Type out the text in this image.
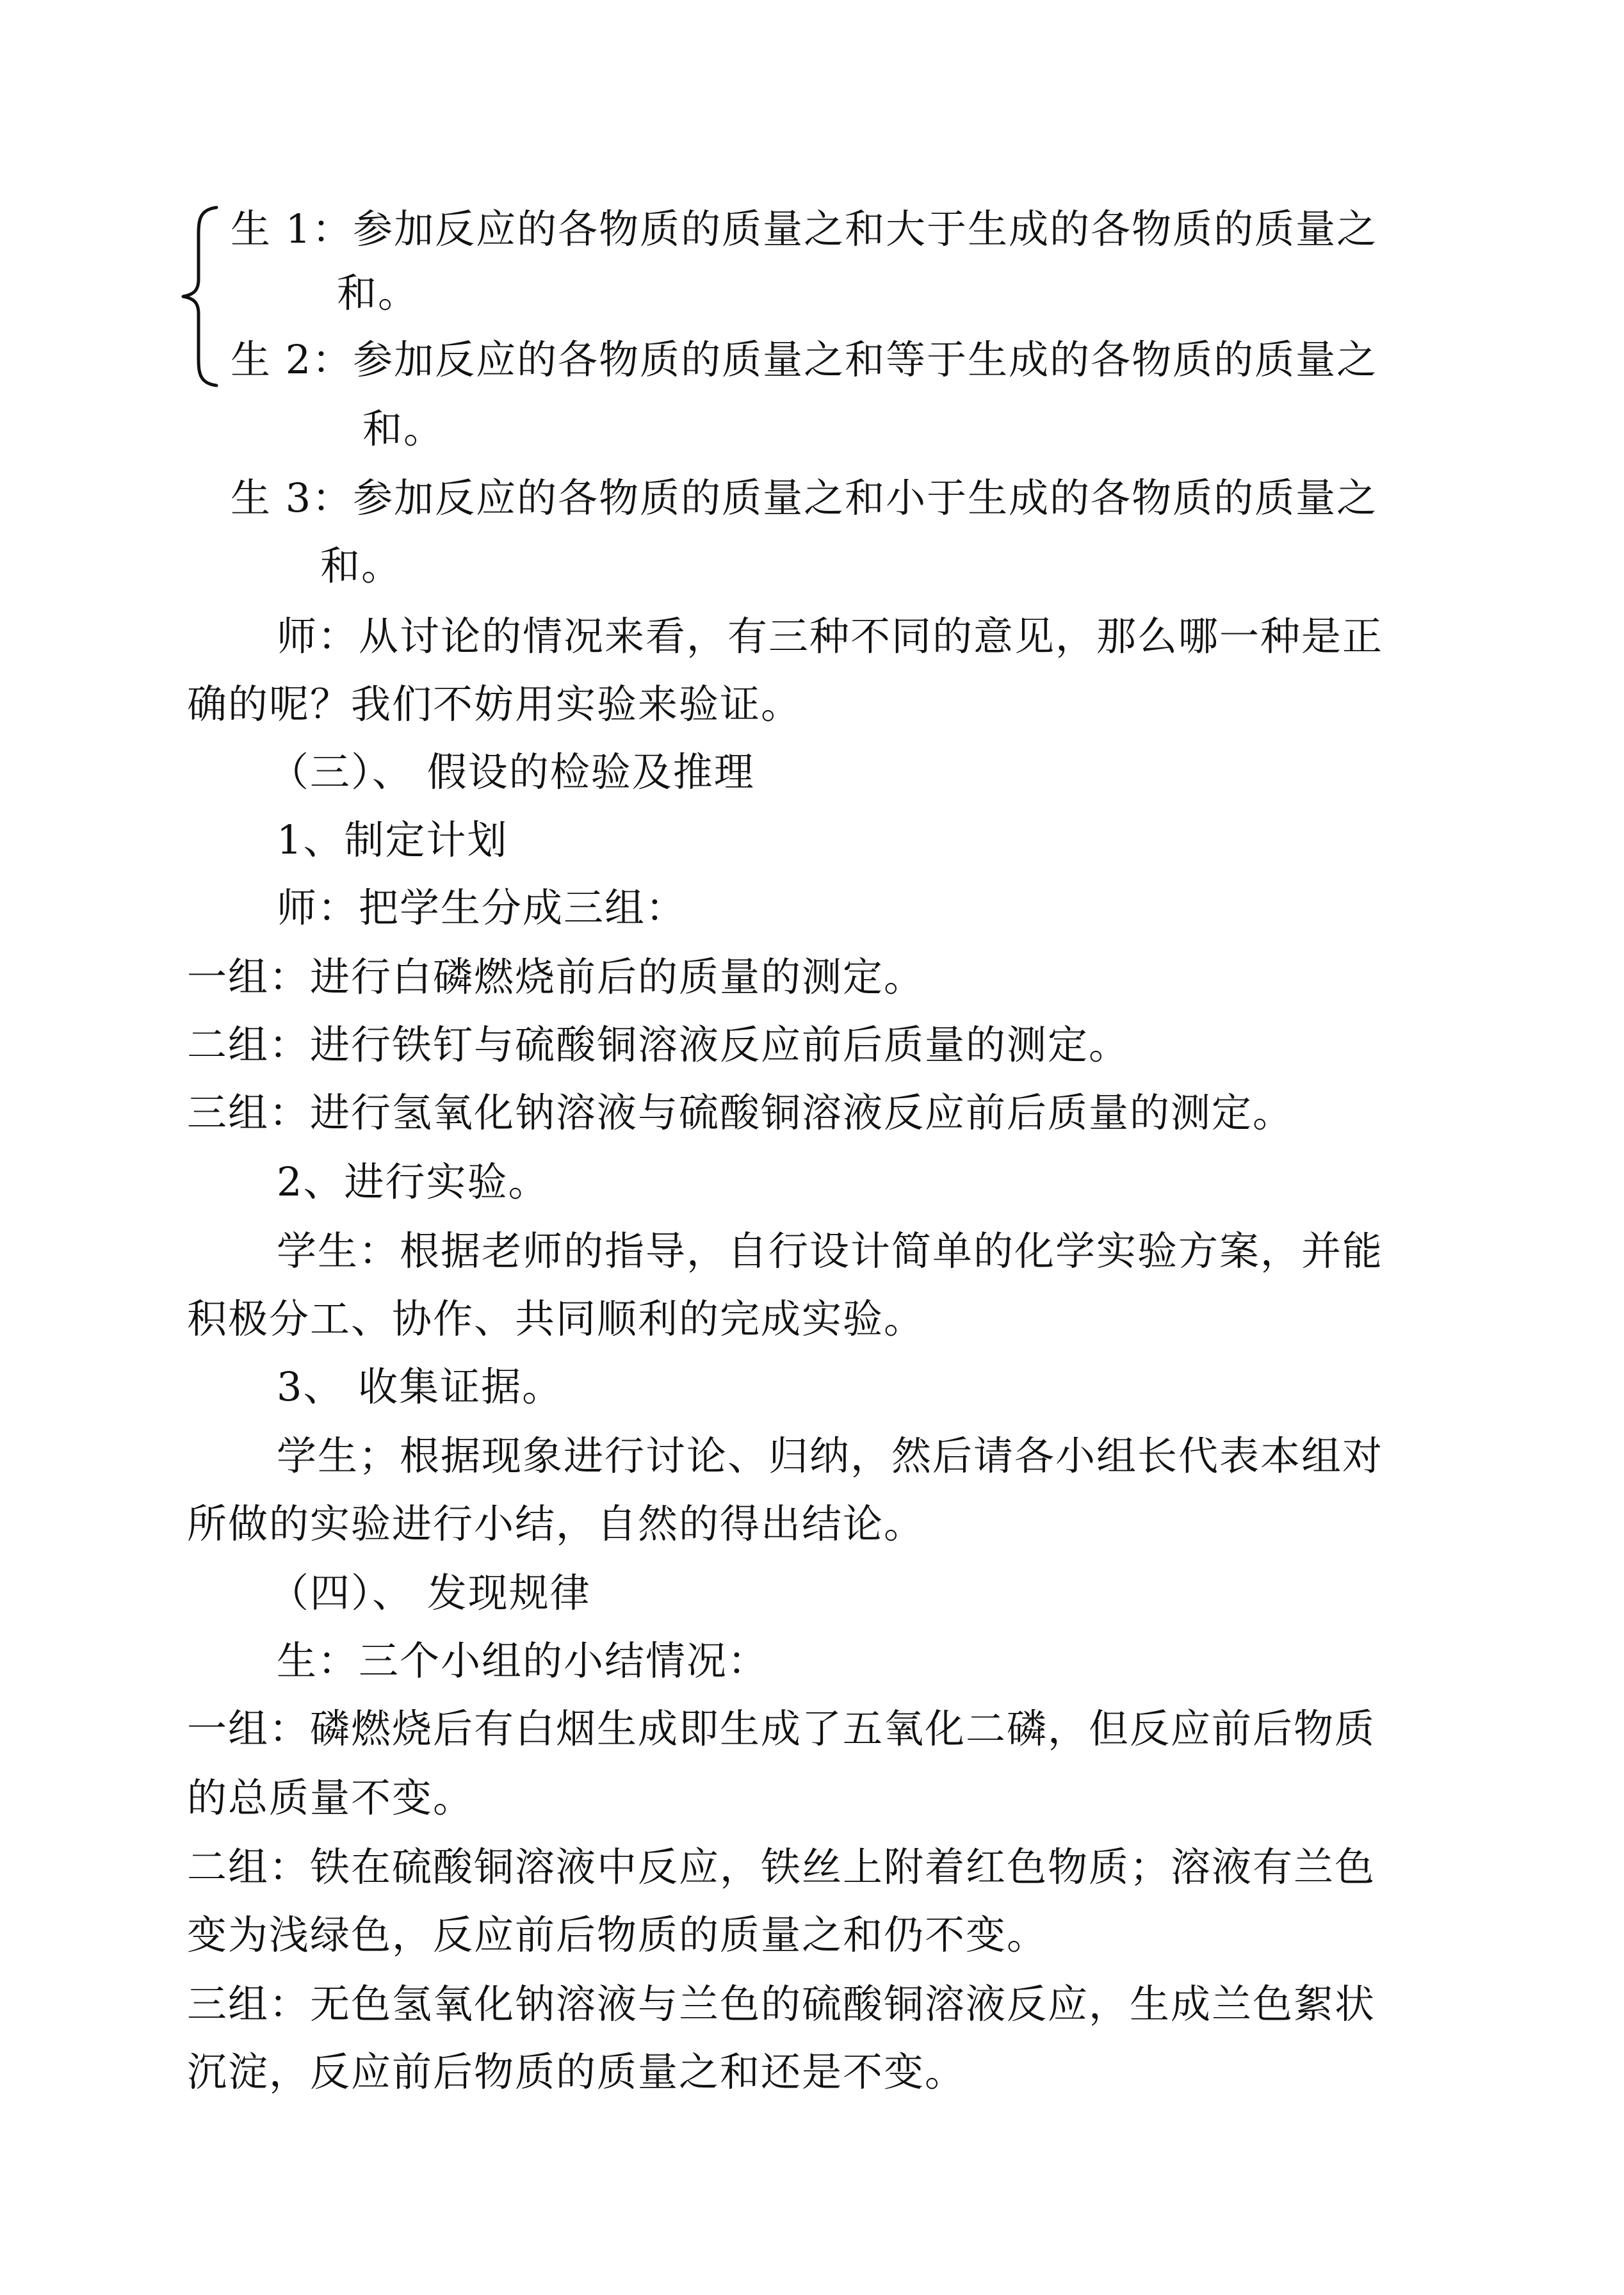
生 1：参加反应的各物质的质量之和大于生成的各物质的质量之
和。
生 2：参加反应的各物质的质量之和等于生成的各物质的质量之
和。
生 3：参加反应的各物质的质量之和小于生成的各物质的质量之
和。
师：从讨论的情况来看，有三种不同的意见，那么哪一种是正
确的呢？我们不妨用实验来验证。
（三）、 假设的检验及推理
1、制定计划
师：把学生分成三组：
一组：进行白磷燃烧前后的质量的测定。
二组：进行铁钉与硫酸铜溶液反应前后质量的测定。
三组：进行氢氧化钠溶液与硫酸铜溶液反应前后质量的测定。
2、进行实验。
学生：根据老师的指导，自行设计简单的化学实验方案，并能
积极分工、协作、共同顺利的完成实验。
3、 收集证据。
学生；根据现象进行讨论、归纳，然后请各小组长代表本组对
所做的实验进行小结，自然的得出结论。
（四）、 发现规律
生：三个小组的小结情况：
一组：磷燃烧后有白烟生成即生成了五氧化二磷，但反应前后物质
的总质量不变。
二组：铁在硫酸铜溶液中反应，铁丝上附着红色物质；溶液有兰色
变为浅绿色，反应前后物质的质量之和仍不变。
三组：无色氢氧化钠溶液与兰色的硫酸铜溶液反应，生成兰色絮状
沉淀，反应前后物质的质量之和还是不变。
